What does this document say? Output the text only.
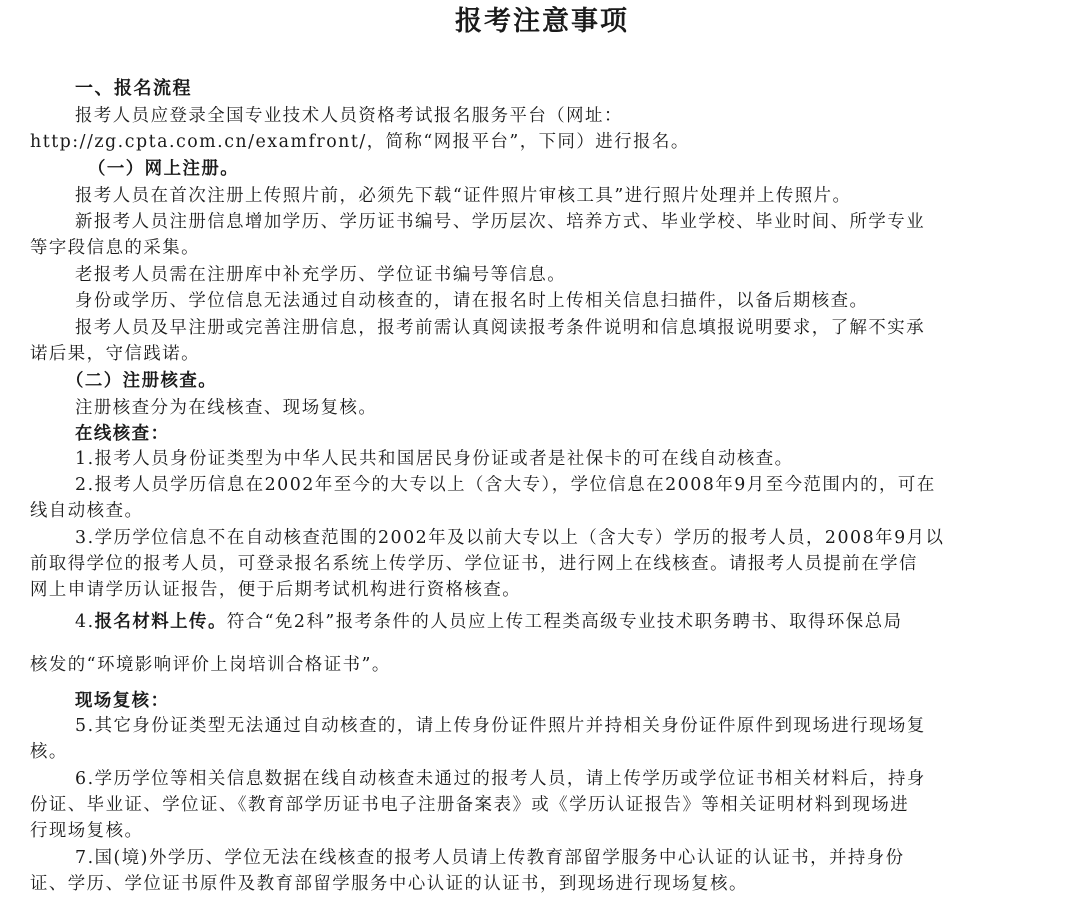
报考注意事项
一、报名流程
报考人员应登录全国专业技术人员资格考试报名服务平台（网址：
http://zg.cpta.com.cn/examfront/，简称“网报平台”，下同）进行报名。
（一）网上注册。
报考人员在首次注册上传照片前，必须先下载“证件照片审核工具”进行照片处理并上传照片。
新报考人员注册信息增加学历、学历证书编号、学历层次、培养方式、毕业学校、毕业时间、所学专业
等字段信息的采集。
老报考人员需在注册库中补充学历、学位证书编号等信息。
身份或学历、学位信息无法通过自动核查的，请在报名时上传相关信息扫描件，以备后期核查。
报考人员及早注册或完善注册信息，报考前需认真阅读报考条件说明和信息填报说明要求，了解不实承
诺后果，守信践诺。
（二）注册核查。
注册核查分为在线核查、现场复核。
在线核查：
1.报考人员身份证类型为中华人民共和国居民身份证或者是社保卡的可在线自动核查。
2.报考人员学历信息在2002年至今的大专以上（含大专），学位信息在2008年9月至今范围内的，可在
线自动核查。
3.学历学位信息不在自动核查范围的2002年及以前大专以上（含大专）学历的报考人员，2008年9月以
前取得学位的报考人员，可登录报名系统上传学历、学位证书，进行网上在线核查。请报考人员提前在学信
网上申请学历认证报告，便于后期考试机构进行资格核查。
4.报名材料上传。符合“免2科”报考条件的人员应上传工程类高级专业技术职务聘书、取得环保总局
核发的“环境影响评价上岗培训合格证书”。
现场复核：
5.其它身份证类型无法通过自动核查的，请上传身份证件照片并持相关身份证件原件到现场进行现场复
核。
6.学历学位等相关信息数据在线自动核查未通过的报考人员，请上传学历或学位证书相关材料后，持身
份证、毕业证、学位证、《教育部学历证书电子注册备案表》或《学历认证报告》等相关证明材料到现场进
行现场复核。
7.国(境)外学历、学位无法在线核查的报考人员请上传教育部留学服务中心认证的认证书，并持身份
证、学历、学位证书原件及教育部留学服务中心认证的认证书，到现场进行现场复核。
